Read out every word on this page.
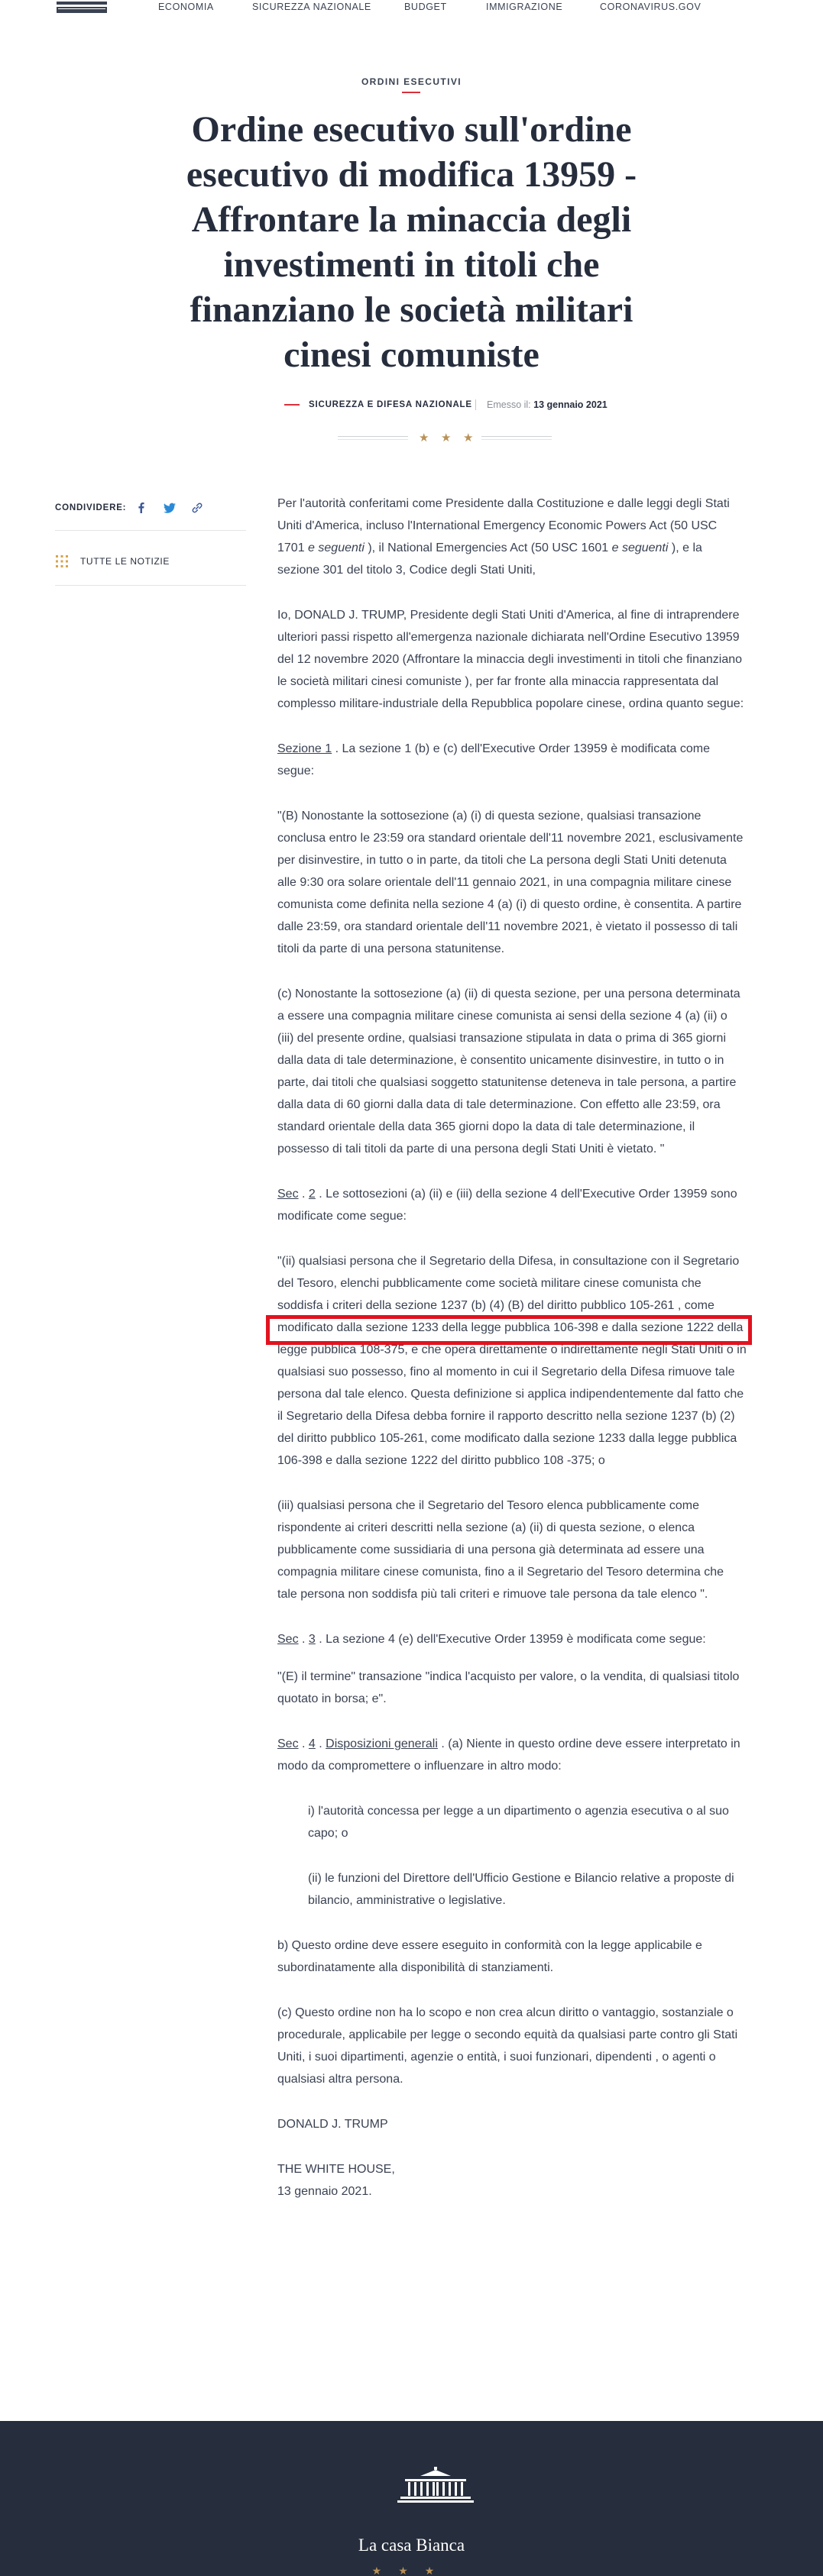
ECONOMIA	SICUREZZA NAZIONALE	BUDGET	IMMIGRAZIONE	CORONAVIRUS.GOV
ORDINI ESECUTIVI
Ordine esecutivo sull'ordine esecutivo di modifica 13959 - Affrontare la minaccia degli investimenti in titoli che finanziano le società militari cinesi comuniste
SICUREZZA E DIFESA NAZIONALE Emesso il: 13 gennaio 2021
★ ★ ★
CONDIVIDERE:
TUTTE LE NOTIZIE

Per l'autorità conferitami come Presidente dalla Costituzione e dalle leggi degli Stati Uniti d'America, incluso l'International Emergency Economic Powers Act (50 USC 1701 e seguenti ), il National Emergencies Act (50 USC 1601 e seguenti ), e la sezione 301 del titolo 3, Codice degli Stati Uniti,

Io, DONALD J. TRUMP, Presidente degli Stati Uniti d'America, al fine di intraprendere ulteriori passi rispetto all'emergenza nazionale dichiarata nell'Ordine Esecutivo 13959 del 12 novembre 2020 (Affrontare la minaccia degli investimenti in titoli che finanziano le società militari cinesi comuniste ), per far fronte alla minaccia rappresentata dal complesso militare-industriale della Repubblica popolare cinese, ordina quanto segue:

Sezione 1 . La sezione 1 (b) e (c) dell'Executive Order 13959 è modificata come segue:

"(B) Nonostante la sottosezione (a) (i) di questa sezione, qualsiasi transazione conclusa entro le 23:59 ora standard orientale dell'11 novembre 2021, esclusivamente per disinvestire, in tutto o in parte, da titoli che La persona degli Stati Uniti detenuta alle 9:30 ora solare orientale dell'11 gennaio 2021, in una compagnia militare cinese comunista come definita nella sezione 4 (a) (i) di questo ordine, è consentita. A partire dalle 23:59, ora standard orientale dell'11 novembre 2021, è vietato il possesso di tali titoli da parte di una persona statunitense.

(c) Nonostante la sottosezione (a) (ii) di questa sezione, per una persona determinata a essere una compagnia militare cinese comunista ai sensi della sezione 4 (a) (ii) o (iii) del presente ordine, qualsiasi transazione stipulata in data o prima di 365 giorni dalla data di tale determinazione, è consentito unicamente disinvestire, in tutto o in parte, dai titoli che qualsiasi soggetto statunitense deteneva in tale persona, a partire dalla data di 60 giorni dalla data di tale determinazione. Con effetto alle 23:59, ora standard orientale della data 365 giorni dopo la data di tale determinazione, il possesso di tali titoli da parte di una persona degli Stati Uniti è vietato. "

Sec . 2 . Le sottosezioni (a) (ii) e (iii) della sezione 4 dell'Executive Order 13959 sono modificate come segue:

"(ii) qualsiasi persona che il Segretario della Difesa, in consultazione con il Segretario del Tesoro, elenchi pubblicamente come società militare cinese comunista che soddisfa i criteri della sezione 1237 (b) (4) (B) del diritto pubblico 105-261 , come modificato dalla sezione 1233 della legge pubblica 106-398 e dalla sezione 1222 della legge pubblica 108-375, e che opera direttamente o indirettamente negli Stati Uniti o in qualsiasi suo possesso, fino al momento in cui il Segretario della Difesa rimuove tale persona dal tale elenco. Questa definizione si applica indipendentemente dal fatto che il Segretario della Difesa debba fornire il rapporto descritto nella sezione 1237 (b) (2) del diritto pubblico 105-261, come modificato dalla sezione 1233 dalla legge pubblica 106-398 e dalla sezione 1222 del diritto pubblico 108 -375; o

(iii) qualsiasi persona che il Segretario del Tesoro elenca pubblicamente come rispondente ai criteri descritti nella sezione (a) (ii) di questa sezione, o elenca pubblicamente come sussidiaria di una persona già determinata ad essere una compagnia militare cinese comunista, fino a il Segretario del Tesoro determina che tale persona non soddisfa più tali criteri e rimuove tale persona da tale elenco ".

Sec . 3 . La sezione 4 (e) dell'Executive Order 13959 è modificata come segue:

"(E) il termine" transazione "indica l'acquisto per valore, o la vendita, di qualsiasi titolo quotato in borsa; e".

Sec . 4 . Disposizioni generali . (a) Niente in questo ordine deve essere interpretato in modo da compromettere o influenzare in altro modo:

i) l'autorità concessa per legge a un dipartimento o agenzia esecutiva o al suo capo; o

(ii) le funzioni del Direttore dell'Ufficio Gestione e Bilancio relative a proposte di bilancio, amministrative o legislative.

b) Questo ordine deve essere eseguito in conformità con la legge applicabile e subordinatamente alla disponibilità di stanziamenti.

(c) Questo ordine non ha lo scopo e non crea alcun diritto o vantaggio, sostanziale o procedurale, applicabile per legge o secondo equità da qualsiasi parte contro gli Stati Uniti, i suoi dipartimenti, agenzie o entità, i suoi funzionari, dipendenti , o agenti o qualsiasi altra persona.

DONALD J. TRUMP

THE WHITE HOUSE,
13 gennaio 2021.

La casa Bianca
★★★
